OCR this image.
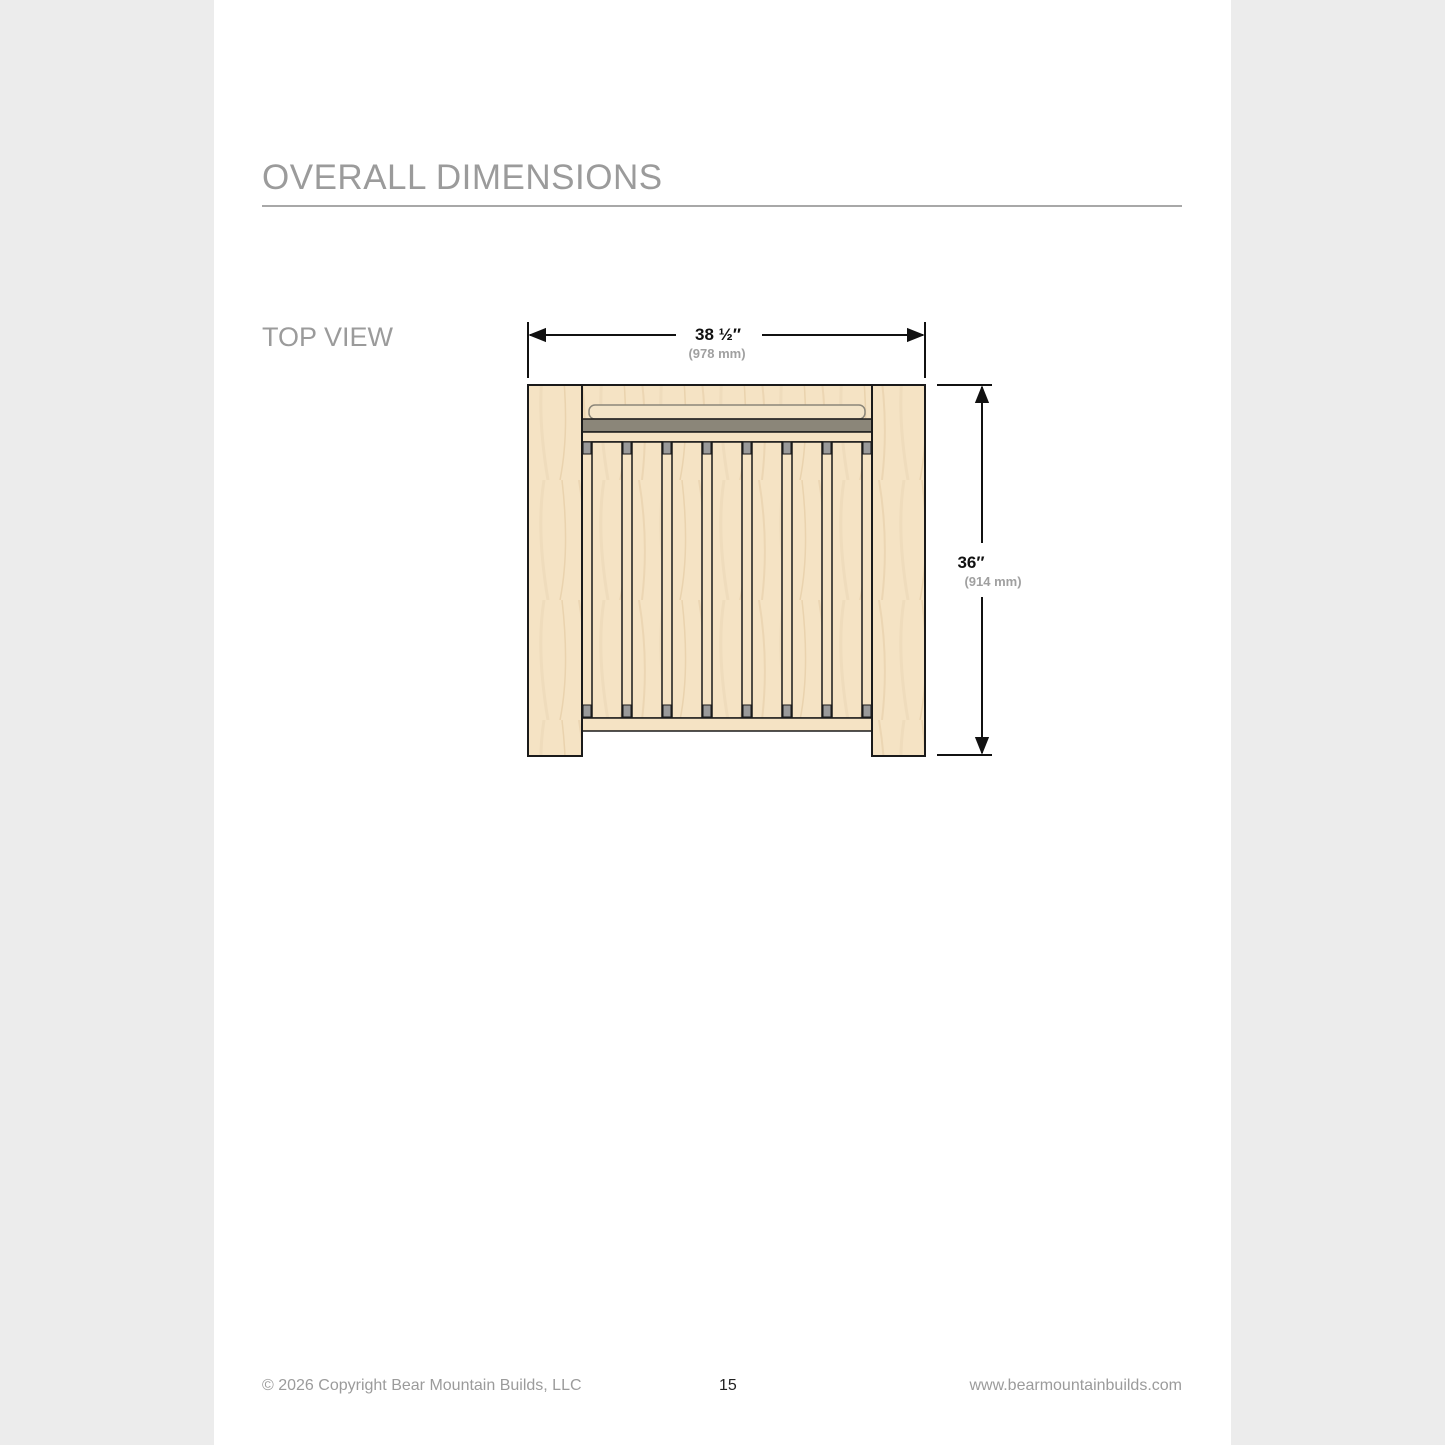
OVERALL DIMENSIONS
TOP VIEW	38 ½″
(978 mm)
36″
(914 mm)
© 2026 Copyright Bear Mountain Builds, LLC	15	www.bearmountainbuilds.com
